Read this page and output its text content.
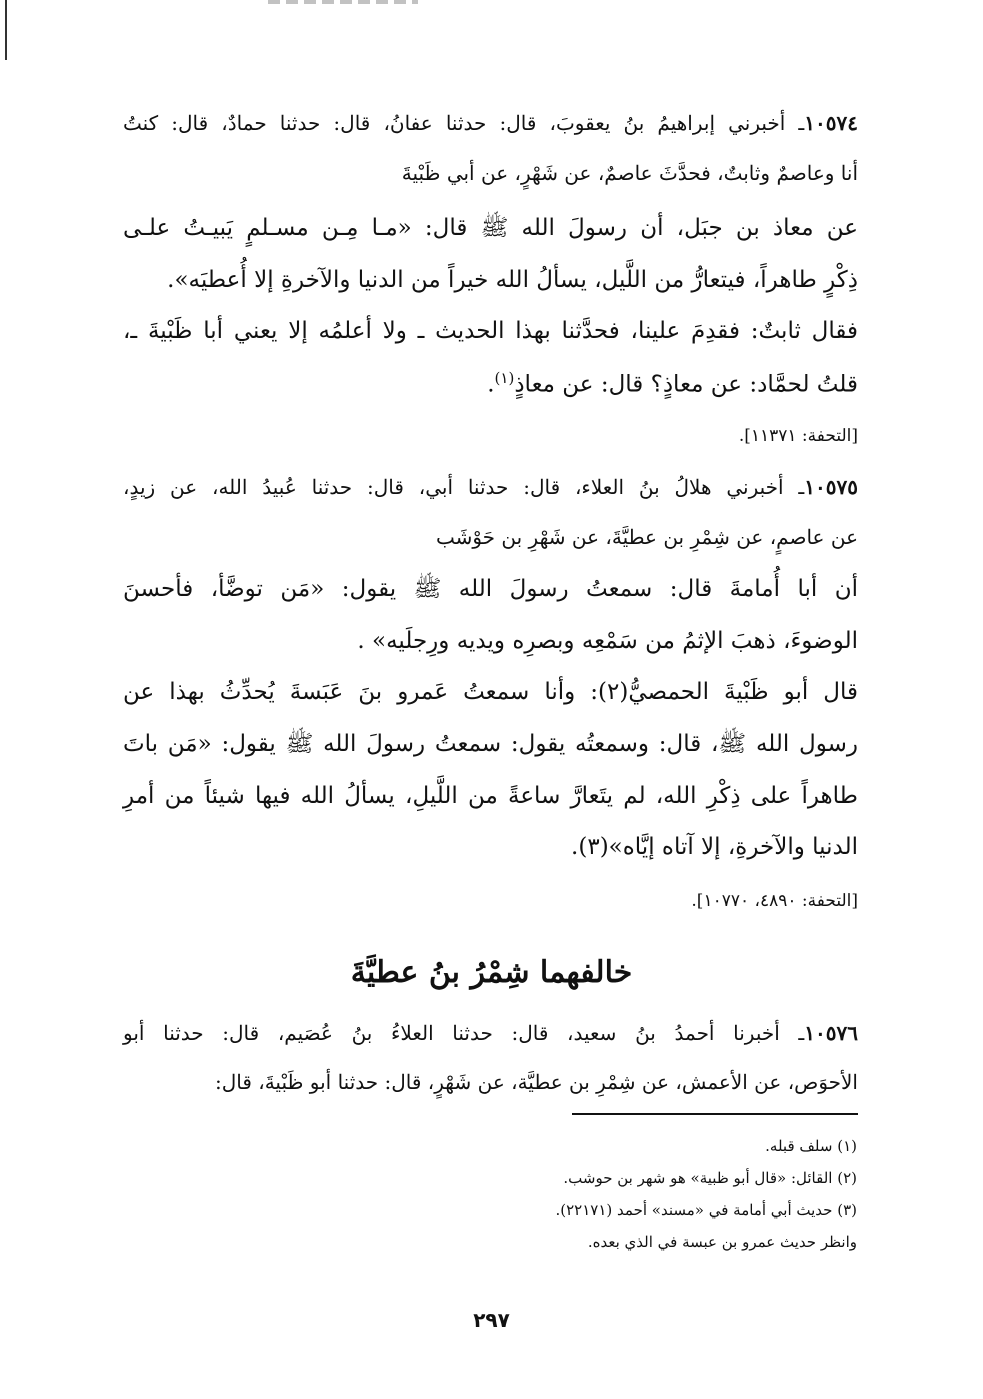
١٠٥٧٤ـ أخبرني إبراهيمُ بنُ يعقوبَ، قال: حدثنا عفانُ، قال: حدثنا حمادٌ، قال: كنتُ
أنا وعاصمٌ وثابتٌ، فحدَّثَ عاصمٌ، عن شَهْرٍ، عن أبي ظَبْيةَ
عن معاذ بن جبَل، أن رسولَ الله ﷺ قال: «مـا مِـن مسـلمٍ يَبيـتُ علـى
ذِكْرٍ طاهراً، فيتعارُّ من اللَّيل، يسألُ الله خيراً من الدنيا والآخرةِ إلا أُعطيَه».
فقال ثابتٌ: فقدِمَ علينا، فحدَّثنا بهذا الحديث ـ ولا أعلمُه إلا يعني أبا ظَبْيةَ ـ،
قلتُ لحمَّاد: عن معاذٍ؟ قال: عن معاذٍ$^{(١)}$.
[التحفة: ١١٣٧١].
١٠٥٧٥ـ أخبرني هلالُ بنُ العلاء، قال: حدثنا أبي، قال: حدثنا عُبيدُ الله، عن زيدٍ،
عن عاصمٍ، عن شِمْرِ بن عطيَّةَ، عن شَهْرِ بن حَوْشَب
أن أبا أُمامةَ قال: سمعتُ رسولَ الله ﷺ يقول: «مَن توضَّأ، فأحسنَ
الوضوءَ، ذهبَ الإثمُ من سَمْعِه وبصرِه ويديه ورِجلَيه» .
قال أبو ظَبْيةَ الحمصيُّ(٢): وأنا سمعتُ عَمرو بنَ عَبَسةَ يُحدِّثُ بهذا عن
رسول الله ﷺ، قال: وسمعتُه يقول: سمعتُ رسولَ الله ﷺ يقول: «مَن باتَ
طاهراً على ذِكْرِ الله، لم يتَعارَّ ساعةً من اللَّيلِ، يسألُ الله فيها شيئاً من أمرِ
الدنيا والآخرةِ، إلا آتاه إيَّاه»(٣).
[التحفة: ٤٨٩٠، ١٠٧٧٠].
خالفهما شِمْرُ بنُ عطيَّةَ
١٠٥٧٦ـ أخبرنا أحمدُ بنُ سعيد، قال: حدثنا العلاءُ بنُ عُصَيم، قال: حدثنا أبو
الأحوَص، عن الأعمش، عن شِمْرِ بن عطيَّة، عن شَهْرٍ، قال: حدثنا أبو ظَبْيةَ، قال:
(١) سلف قبله.
(٢) القائل: «قال أبو ظبية» هو شهر بن حوشب.
(٣) حديث أبي أمامة في «مسند» أحمد (٢٢١٧١).
وانظر حديث عمرو بن عبسة في الذي بعده.
٢٩٧
